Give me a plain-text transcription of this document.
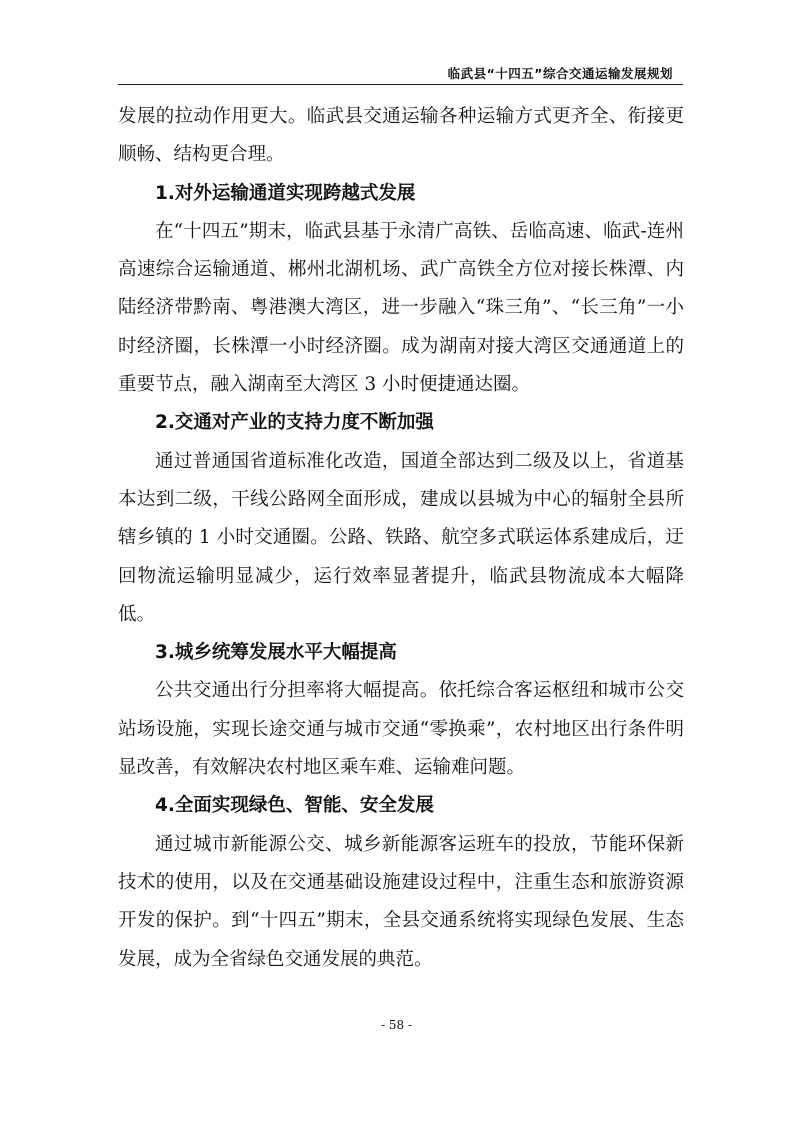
临武县“十四五”综合交通运输发展规划

发展的拉动作用更大。临武县交通运输各种运输方式更齐全、衔接更顺畅、结构更合理。

1.对外运输通道实现跨越式发展

在“十四五”期末，临武县基于永清广高铁、岳临高速、临武-连州高速综合运输通道、郴州北湖机场、武广高铁全方位对接长株潭、内陆经济带黔南、粤港澳大湾区，进一步融入“珠三角”、“长三角”一小时经济圈，长株潭一小时经济圈。成为湖南对接大湾区交通通道上的重要节点，融入湖南至大湾区 3 小时便捷通达圈。

2.交通对产业的支持力度不断加强

通过普通国省道标准化改造，国道全部达到二级及以上，省道基本达到二级，干线公路网全面形成，建成以县城为中心的辐射全县所辖乡镇的 1 小时交通圈。公路、铁路、航空多式联运体系建成后，迂回物流运输明显减少，运行效率显著提升，临武县物流成本大幅降低。

3.城乡统筹发展水平大幅提高

公共交通出行分担率将大幅提高。依托综合客运枢纽和城市公交站场设施，实现长途交通与城市交通“零换乘”，农村地区出行条件明显改善，有效解决农村地区乘车难、运输难问题。

4.全面实现绿色、智能、安全发展

通过城市新能源公交、城乡新能源客运班车的投放，节能环保新技术的使用，以及在交通基础设施建设过程中，注重生态和旅游资源开发的保护。到“十四五”期末，全县交通系统将实现绿色发展、生态发展，成为全省绿色交通发展的典范。

- 58 -
